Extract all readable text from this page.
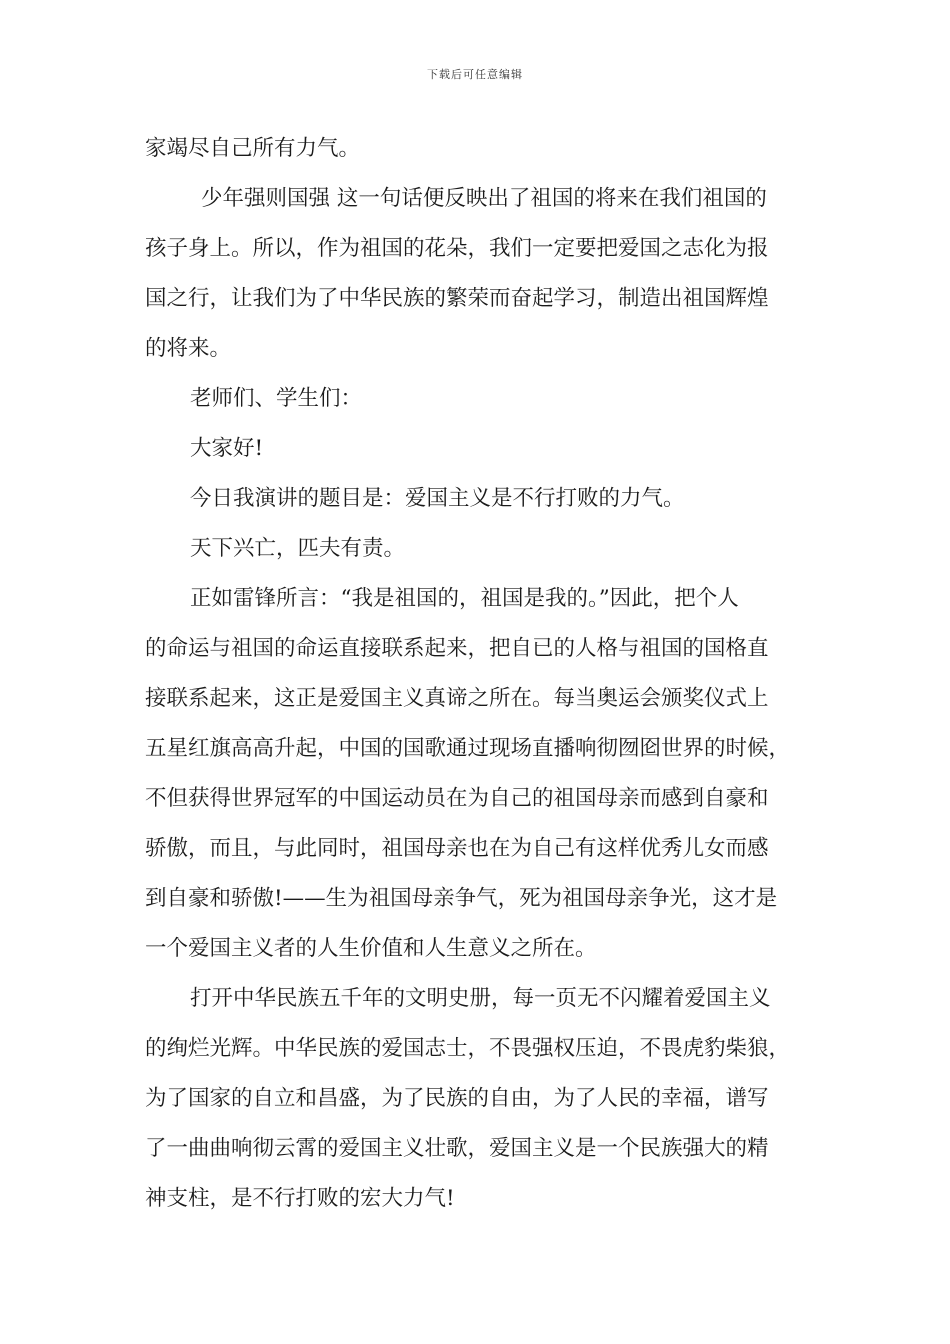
下载后可任意编辑

家竭尽自己所有力气。

少年强则国强 这一句话便反映出了祖国的将来在我们祖国的
孩子身上。所以，作为祖国的花朵，我们一定要把爱国之志化为报
国之行，让我们为了中华民族的繁荣而奋起学习，制造出祖国辉煌
的将来。

老师们、学生们：

大家好!

今日我演讲的题目是：爱国主义是不行打败的力气。

天下兴亡，匹夫有责。

正如雷锋所言：“我是祖国的，祖国是我的。”因此，把个人
的命运与祖国的命运直接联系起来，把自已的人格与祖国的国格直
接联系起来，这正是爱国主义真谛之所在。每当奥运会颁奖仪式上
五星红旗高高升起，中国的国歌通过现场直播响彻囫囵世界的时候，
不但获得世界冠军的中国运动员在为自己的祖国母亲而感到自豪和
骄傲，而且，与此同时，祖国母亲也在为自己有这样优秀儿女而感
到自豪和骄傲!——生为祖国母亲争气，死为祖国母亲争光，这才是
一个爱国主义者的人生价值和人生意义之所在。

打开中华民族五千年的文明史册，每一页无不闪耀着爱国主义
的绚烂光辉。中华民族的爱国志士，不畏强权压迫，不畏虎豹柴狼，
为了国家的自立和昌盛，为了民族的自由，为了人民的幸福，谱写
了一曲曲响彻云霄的爱国主义壮歌，爱国主义是一个民族强大的精
神支柱，是不行打败的宏大力气!
